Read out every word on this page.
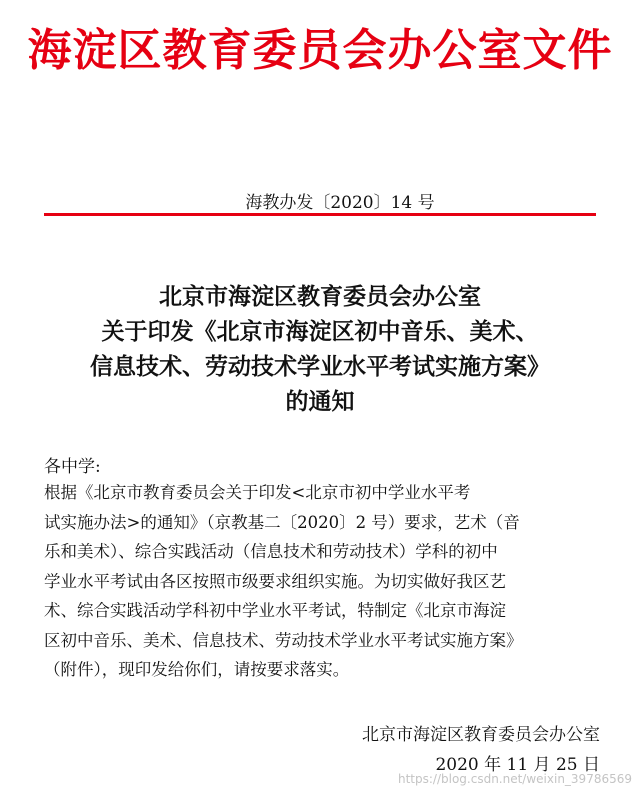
海淀区教育委员会办公室文件
海教办发〔2020〕14 号
北京市海淀区教育委员会办公室
关于印发《北京市海淀区初中音乐、美术、
信息技术、劳动技术学业水平考试实施方案》
的通知
各中学:
根据《北京市教育委员会关于印发<北京市初中学业水平考
试实施办法>的通知》（京教基二〔2020〕2 号）要求，艺术（音
乐和美术）、综合实践活动（信息技术和劳动技术）学科的初中
学业水平考试由各区按照市级要求组织实施。为切实做好我区艺
术、综合实践活动学科初中学业水平考试，特制定《北京市海淀
区初中音乐、美术、信息技术、劳动技术学业水平考试实施方案》
（附件），现印发给你们，请按要求落实。
北京市海淀区教育委员会办公室
2020 年 11 月 25 日
https://blog.csdn.net/weixin_39786569
